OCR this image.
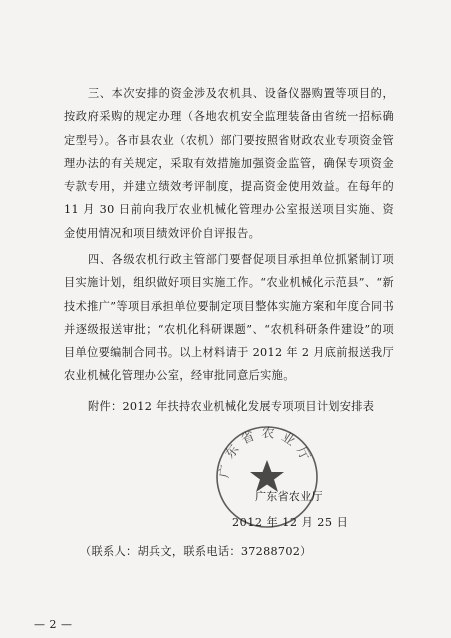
三、本次安排的资金涉及农机具、设备仪器购置等项目的，按政府采购的规定办理（各地农机安全监理装备由省统一招标确定型号）。各市县农业（农机）部门要按照省财政农业专项资金管理办法的有关规定，采取有效措施加强资金监管，确保专项资金专款专用，并建立绩效考评制度，提高资金使用效益。在每年的 11 月 30 日前向我厅农业机械化管理办公室报送项目实施、资金使用情况和项目绩效评价自评报告。

四、各级农机行政主管部门要督促项目承担单位抓紧制订项目实施计划，组织做好项目实施工作。“农业机械化示范县”、“新技术推广”等项目承担单位要制定项目整体实施方案和年度合同书并逐级报送审批；“农机化科研课题”、“农机科研条件建设”的项目单位要编制合同书。以上材料请于 2012 年 2 月底前报送我厅农业机械化管理办公室，经审批同意后实施。

附件：2012 年扶持农业机械化发展专项项目计划安排表
广东省农业厅
广东省农业厅
2012 年 12 月 25 日
（联系人：胡兵文，联系电话：37288702）
— 2 —
